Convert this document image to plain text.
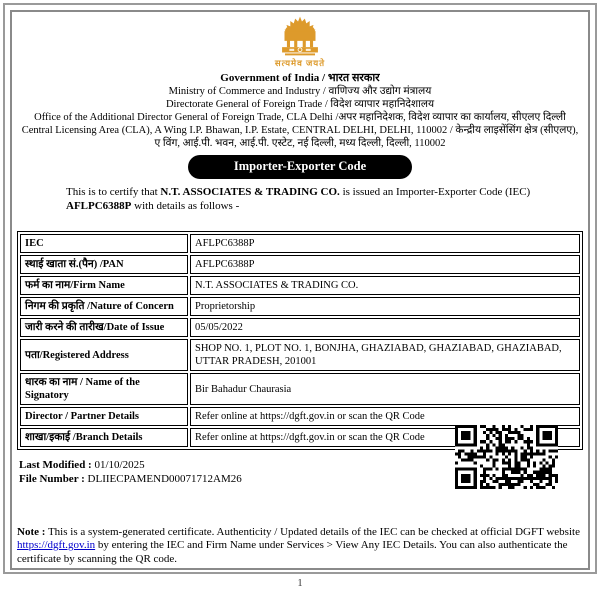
सत्यमेव जयते
Government of India / भारत सरकार
Ministry of Commerce and Industry / वाणिज्य और उद्योग मंत्रालय
Directorate General of Foreign Trade / विदेश व्यापार महानिदेशालय
Office of the Additional Director General of Foreign Trade, CLA Delhi /अपर महानिदेशक, विदेश व्यापार का कार्यालय, सीएलए दिल्ली
Central Licensing Area (CLA), A Wing I.P. Bhawan, I.P. Estate, CENTRAL DELHI, DELHI, 110002 / केन्द्रीय लाइसेंसिंग क्षेत्र (सीएलए), ए विंग, आई.पी. भवन, आई.पी. एस्टेट, नई दिल्ली, मध्य दिल्ली, दिल्ली, 110002
Importer-Exporter Code
This is to certify that N.T. ASSOCIATES & TRADING CO. is issued an Importer-Exporter Code (IEC) AFLPC6388P with details as follows -
IEC	AFLPC6388P
स्थाई खाता सं.(पैन) /PAN	AFLPC6388P
फर्म का नाम/Firm Name	N.T. ASSOCIATES & TRADING CO.
निगम की प्रकृति /Nature of Concern	Proprietorship
जारी करने की तारीख/Date of Issue	05/05/2022
पता/Registered Address	SHOP NO. 1, PLOT NO. 1, BONJHA, GHAZIABAD, GHAZIABAD, GHAZIABAD, UTTAR PRADESH, 201001
धारक का नाम / Name of the Signatory	Bir Bahadur Chaurasia
Director / Partner Details	Refer online at https://dgft.gov.in or scan the QR Code
शाखा/इकाई /Branch Details	Refer online at https://dgft.gov.in or scan the QR Code
Last Modified : 01/10/2025
File Number : DLIIECPAMEND00071712AM26
Note : This is a system-generated certificate. Authenticity / Updated details of the IEC can be checked at official DGFT website https://dgft.gov.in by entering the IEC and Firm Name under Services > View Any IEC Details. You can also authenticate the certificate by scanning the QR code.
1
